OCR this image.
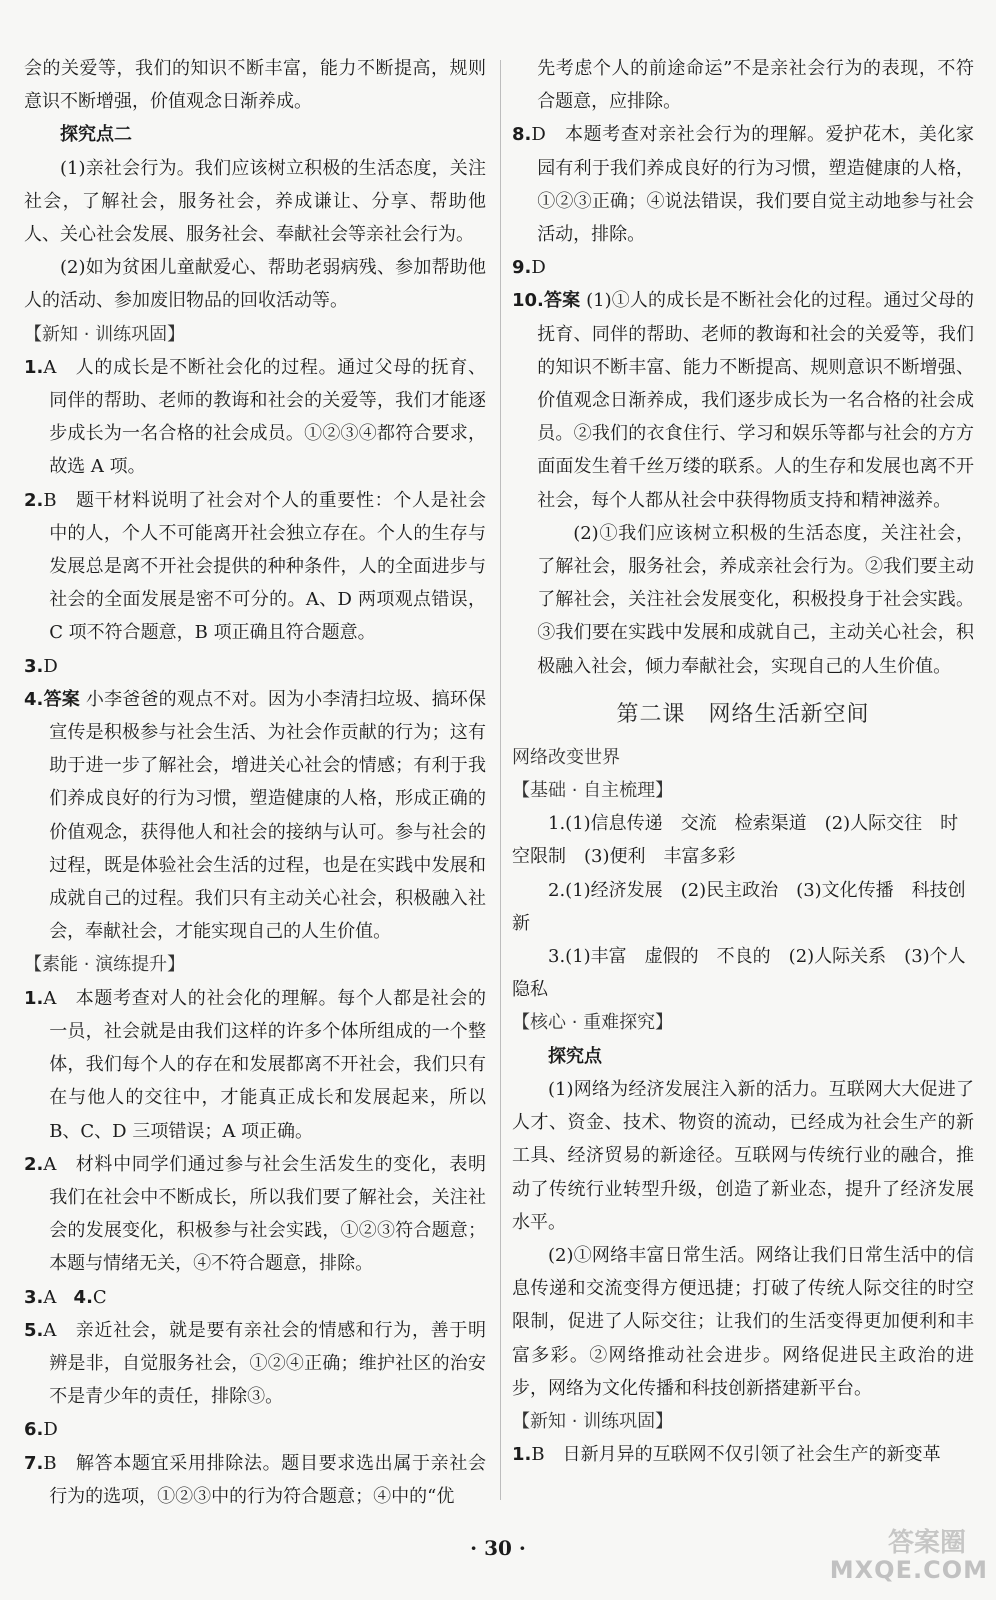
会的关爱等，我们的知识不断丰富，能力不断提高，规则意识不断增强，价值观念日渐养成。

探究点二

(1)亲社会行为。我们应该树立积极的生活态度，关注社会，了解社会，服务社会，养成谦让、分享、帮助他人、关心社会发展、服务社会、奉献社会等亲社会行为。

(2)如为贫困儿童献爱心、帮助老弱病残、参加帮助他人的活动、参加废旧物品的回收活动等。

【新知 · 训练巩固】

1.A　人的成长是不断社会化的过程。通过父母的抚育、同伴的帮助、老师的教诲和社会的关爱等，我们才能逐步成长为一名合格的社会成员。①②③④都符合要求，故选 A 项。

2.B　题干材料说明了社会对个人的重要性：个人是社会中的人，个人不可能离开社会独立存在。个人的生存与发展总是离不开社会提供的种种条件，人的全面进步与社会的全面发展是密不可分的。A、D 两项观点错误，C 项不符合题意，B 项正确且符合题意。

3.D

4.答案 小李爸爸的观点不对。因为小李清扫垃圾、搞环保宣传是积极参与社会生活、为社会作贡献的行为；这有助于进一步了解社会，增进关心社会的情感；有利于我们养成良好的行为习惯，塑造健康的人格，形成正确的价值观念，获得他人和社会的接纳与认可。参与社会的过程，既是体验社会生活的过程，也是在实践中发展和成就自己的过程。我们只有主动关心社会，积极融入社会，奉献社会，才能实现自己的人生价值。

【素能 · 演练提升】

1.A　本题考查对人的社会化的理解。每个人都是社会的一员，社会就是由我们这样的许多个体所组成的一个整体，我们每个人的存在和发展都离不开社会，我们只有在与他人的交往中，才能真正成长和发展起来，所以 B、C、D 三项错误；A 项正确。

2.A　材料中同学们通过参与社会生活发生的变化，表明我们在社会中不断成长，所以我们要了解社会，关注社会的发展变化，积极参与社会实践，①②③符合题意；本题与情绪无关，④不符合题意，排除。

3.A 4.C

5.A　亲近社会，就是要有亲社会的情感和行为，善于明辨是非，自觉服务社会，①②④正确；维护社区的治安不是青少年的责任，排除③。

6.D

7.B　解答本题宜采用排除法。题目要求选出属于亲社会行为的选项，①②③中的行为符合题意；④中的“优

先考虑个人的前途命运”不是亲社会行为的表现，不符合题意，应排除。

8.D　本题考查对亲社会行为的理解。爱护花木，美化家园有利于我们养成良好的行为习惯，塑造健康的人格，①②③正确；④说法错误，我们要自觉主动地参与社会活动，排除。

9.D

10.答案 (1)①人的成长是不断社会化的过程。通过父母的抚育、同伴的帮助、老师的教诲和社会的关爱等，我们的知识不断丰富、能力不断提高、规则意识不断增强、价值观念日渐养成，我们逐步成长为一名合格的社会成员。②我们的衣食住行、学习和娱乐等都与社会的方方面面发生着千丝万缕的联系。人的生存和发展也离不开社会，每个人都从社会中获得物质支持和精神滋养。

(2)①我们应该树立积极的生活态度，关注社会，了解社会，服务社会，养成亲社会行为。②我们要主动了解社会，关注社会发展变化，积极投身于社会实践。③我们要在实践中发展和成就自己，主动关心社会，积极融入社会，倾力奉献社会，实现自己的人生价值。

第二课　网络生活新空间

网络改变世界

【基础 · 自主梳理】

1.(1)信息传递　交流　检索渠道　(2)人际交往　时空限制　(3)便利　丰富多彩

2.(1)经济发展　(2)民主政治　(3)文化传播　科技创新

3.(1)丰富　虚假的　不良的　(2)人际关系　(3)个人隐私

【核心 · 重难探究】

探究点

(1)网络为经济发展注入新的活力。互联网大大促进了人才、资金、技术、物资的流动，已经成为社会生产的新工具、经济贸易的新途径。互联网与传统行业的融合，推动了传统行业转型升级，创造了新业态，提升了经济发展水平。

(2)①网络丰富日常生活。网络让我们日常生活中的信息传递和交流变得方便迅捷；打破了传统人际交往的时空限制，促进了人际交往；让我们的生活变得更加便利和丰富多彩。②网络推动社会进步。网络促进民主政治的进步，网络为文化传播和科技创新搭建新平台。

【新知 · 训练巩固】

1.B　日新月异的互联网不仅引领了社会生产的新变革

· 30 ·	答案圈
MXQE.COM
